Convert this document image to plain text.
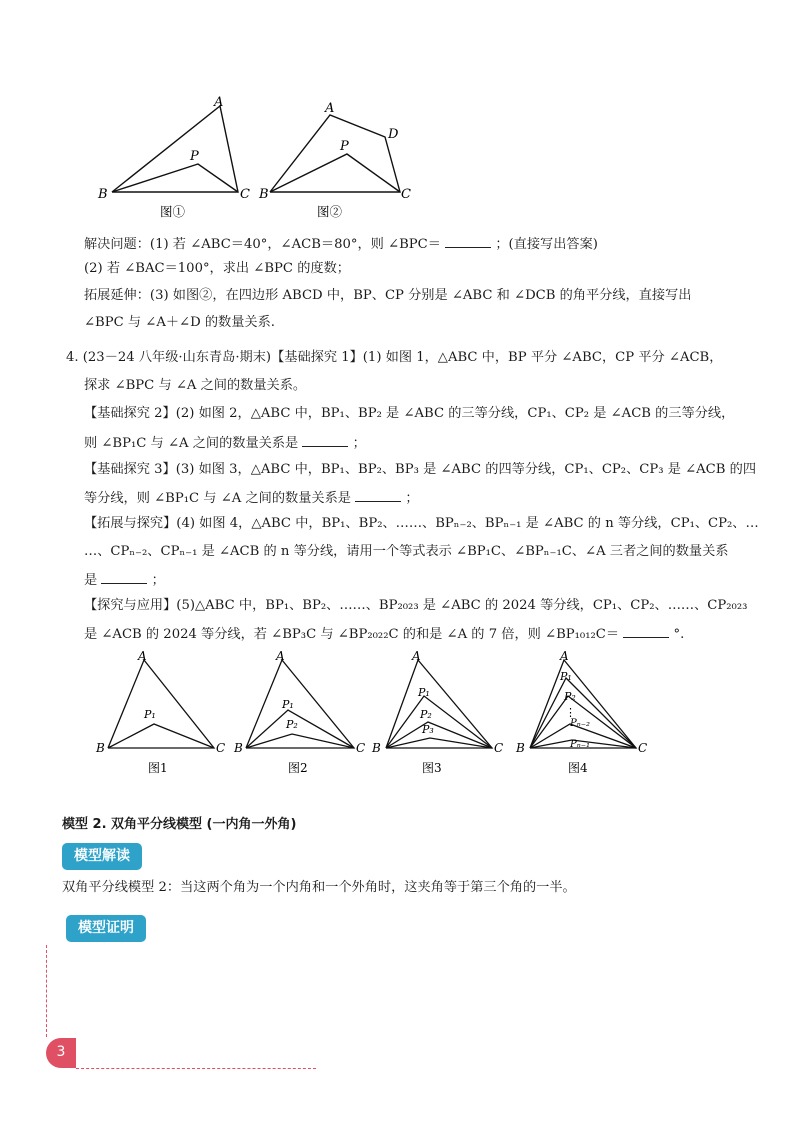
A
P
B	C
图①
A
D
P
B	C
图②
解决问题：(1) 若 ∠ABC＝40°，∠ACB＝80°，则 ∠BPC＝	；(直接写出答案)
(2) 若 ∠BAC＝100°，求出 ∠BPC 的度数；
拓展延伸：(3) 如图②，在四边形 ABCD 中，BP、CP 分别是 ∠ABC 和 ∠DCB 的角平分线，直接写出
∠BPC 与 ∠A＋∠D 的数量关系.
4. (23－24 八年级·山东青岛·期末)【基础探究 1】(1) 如图 1，△ABC 中，BP 平分 ∠ABC，CP 平分 ∠ACB，
探求 ∠BPC 与 ∠A 之间的数量关系。
【基础探究 2】(2) 如图 2，△ABC 中，BP₁、BP₂ 是 ∠ABC 的三等分线，CP₁、CP₂ 是 ∠ACB 的三等分线，
则 ∠BP₁C 与 ∠A 之间的数量关系是	；
【基础探究 3】(3) 如图 3，△ABC 中，BP₁、BP₂、BP₃ 是 ∠ABC 的四等分线，CP₁、CP₂、CP₃ 是 ∠ACB 的四
等分线，则 ∠BP₁C 与 ∠A 之间的数量关系是	；
【拓展与探究】(4) 如图 4，△ABC 中，BP₁、BP₂、……、BPₙ₋₂、BPₙ₋₁ 是 ∠ABC 的 n 等分线，CP₁、CP₂、…
…、CPₙ₋₂、CPₙ₋₁ 是 ∠ACB 的 n 等分线，请用一个等式表示 ∠BP₁C、∠BPₙ₋₁C、∠A 三者之间的数量关系
是	；
【探究与应用】(5)△ABC 中，BP₁、BP₂、……、BP₂₀₂₃ 是 ∠ABC 的 2024 等分线，CP₁、CP₂、……、CP₂₀₂₃
是 ∠ACB 的 2024 等分线，若 ∠BP₃C 与 ∠BP₂₀₂₂C 的和是 ∠A 的 7 倍，则 ∠BP₁₀₁₂C＝	°.
A
P₁
B	C
图1
A
P₁
P₂
B	C
图2
A
P₁
P₂
P₃
B	C
图3
A
P₁
P₂
⋮
Pₙ₋₂
Pₙ₋₁
B	C
图4
模型 2. 双角平分线模型 (一内角一外角)
模型解读
双角平分线模型 2：当这两个角为一个内角和一个外角时，这夹角等于第三个角的一半。
模型证明
3
